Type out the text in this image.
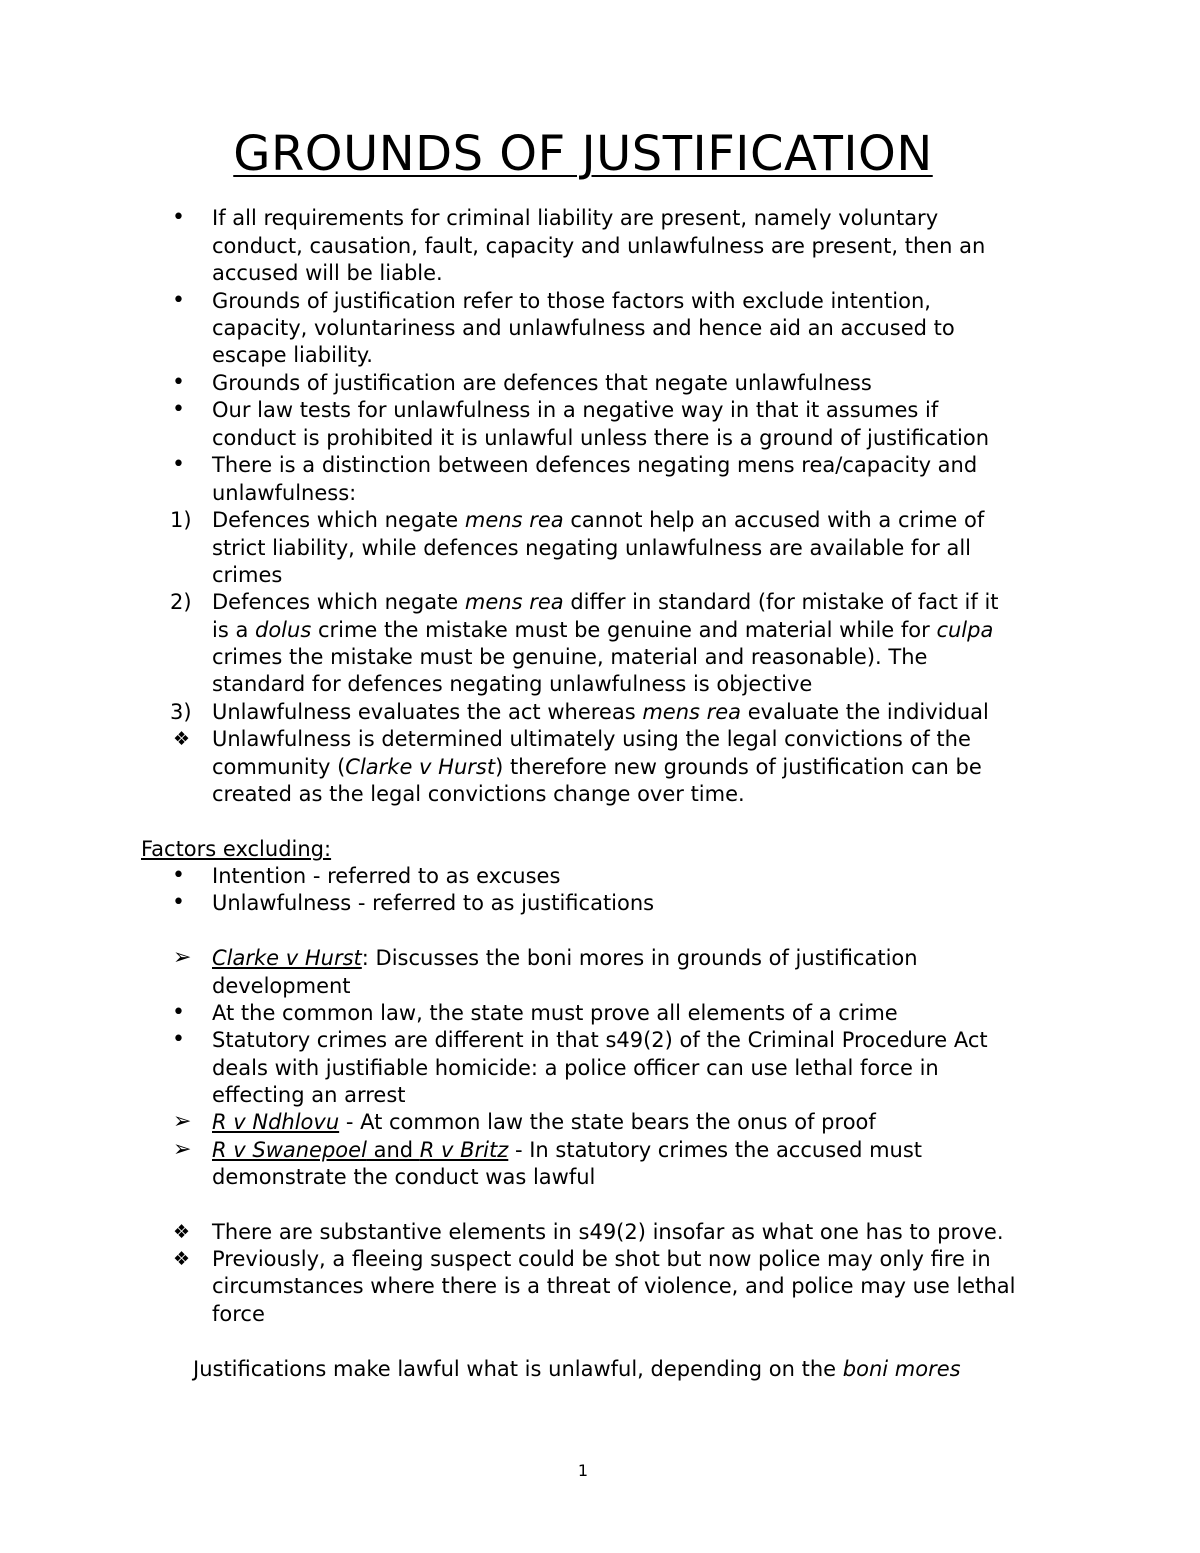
GROUNDS OF JUSTIFICATION
• If all requirements for criminal liability are present, namely voluntary
conduct, causation, fault, capacity and unlawfulness are present, then an
accused will be liable.
• Grounds of justification refer to those factors with exclude intention,
capacity, voluntariness and unlawfulness and hence aid an accused to
escape liability.
• Grounds of justification are defences that negate unlawfulness
• Our law tests for unlawfulness in a negative way in that it assumes if
conduct is prohibited it is unlawful unless there is a ground of justification
• There is a distinction between defences negating mens rea/capacity and
unlawfulness:
1) Defences which negate mens rea cannot help an accused with a crime of
strict liability, while defences negating unlawfulness are available for all
crimes
2) Defences which negate mens rea differ in standard (for mistake of fact if it
is a dolus crime the mistake must be genuine and material while for culpa
crimes the mistake must be genuine, material and reasonable). The
standard for defences negating unlawfulness is objective
3) Unlawfulness evaluates the act whereas mens rea evaluate the individual
❖ Unlawfulness is determined ultimately using the legal convictions of the
community (Clarke v Hurst) therefore new grounds of justification can be
created as the legal convictions change over time.
Factors excluding:
• Intention - referred to as excuses
• Unlawfulness - referred to as justifications
➢ Clarke v Hurst: Discusses the boni mores in grounds of justification
development
• At the common law, the state must prove all elements of a crime
• Statutory crimes are different in that s49(2) of the Criminal Procedure Act
deals with justifiable homicide: a police officer can use lethal force in
effecting an arrest
➢ R v Ndhlovu - At common law the state bears the onus of proof
➢ R v Swanepoel and R v Britz - In statutory crimes the accused must
demonstrate the conduct was lawful
❖ There are substantive elements in s49(2) insofar as what one has to prove.
❖ Previously, a fleeing suspect could be shot but now police may only fire in
circumstances where there is a threat of violence, and police may use lethal
force
Justifications make lawful what is unlawful, depending on the boni mores
1
